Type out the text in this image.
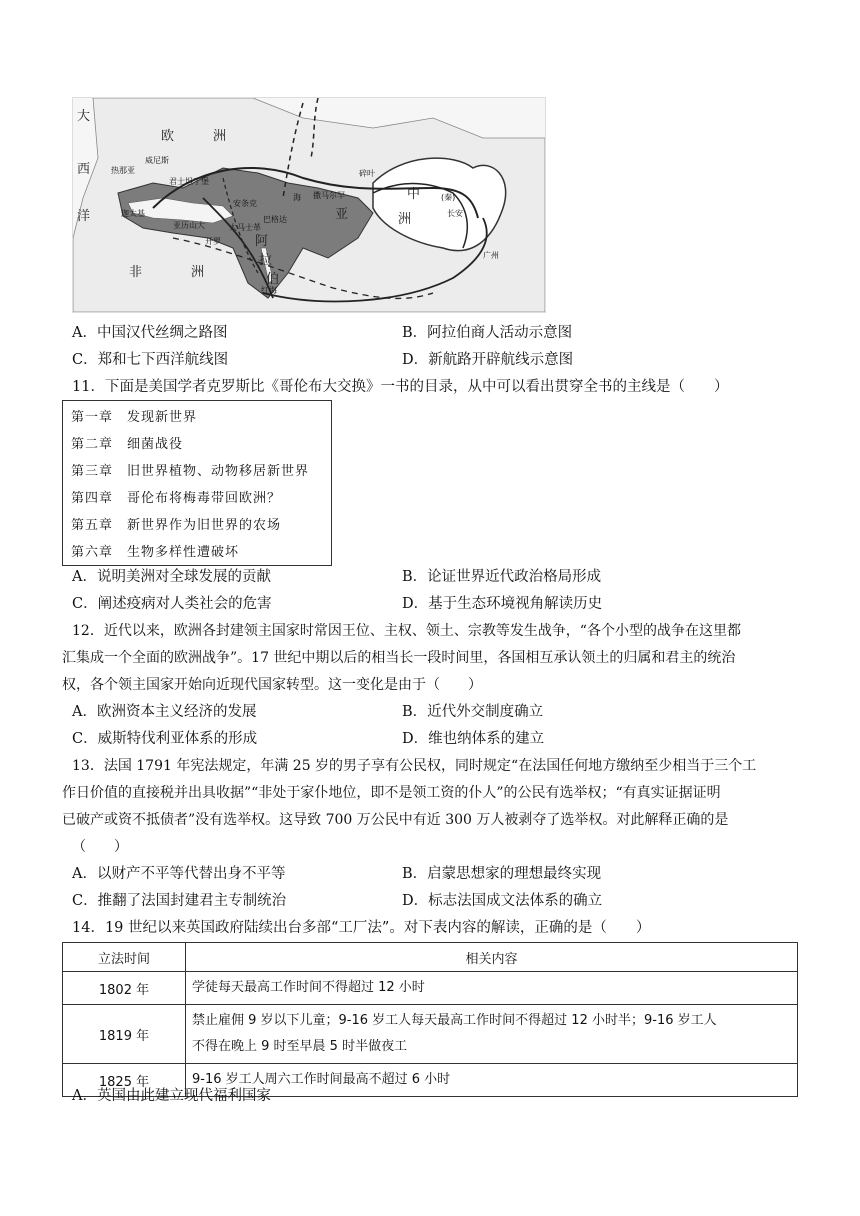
大
西
洋
欧	洲
亚	洲
中	(秦)
非	洲
阿
拉
伯
热那亚
威尼斯
君士坦丁堡
安条克
巴格达
大马士革
亚历山大
开罗
撒马尔罕
碎叶
长安
广州
红海
海
迦太基
A．中国汉代丝绸之路图	B．阿拉伯商人活动示意图
C．郑和七下西洋航线图	D．新航路开辟航线示意图
11．下面是美国学者克罗斯比《哥伦布大交换》一书的目录，从中可以看出贯穿全书的主线是（　　）
第一章　 发现新世界
第二章　 细菌战役
第三章　 旧世界植物、动物移居新世界
第四章　 哥伦布将梅毒带回欧洲？
第五章　 新世界作为旧世界的农场
第六章　 生物多样性遭破坏
A．说明美洲对全球发展的贡献	B．论证世界近代政治格局形成
C．阐述疫病对人类社会的危害	D．基于生态环境视角解读历史
12．近代以来，欧洲各封建领主国家时常因王位、主权、领土、宗教等发生战争，“各个小型的战争在这里都
汇集成一个全面的欧洲战争”。17 世纪中期以后的相当长一段时间里，各国相互承认领土的归属和君主的统治
权，各个领主国家开始向近现代国家转型。这一变化是由于（　　）
A．欧洲资本主义经济的发展	B．近代外交制度确立
C．威斯特伐利亚体系的形成	D．维也纳体系的建立
13．法国 1791 年宪法规定，年满 25 岁的男子享有公民权，同时规定“在法国任何地方缴纳至少相当于三个工
作日价值的直接税并出具收据”“非处于家仆地位，即不是领工资的仆人”的公民有选举权；“有真实证据证明
已破产或资不抵债者”没有选举权。这导致 700 万公民中有近 300 万人被剥夺了选举权。对此解释正确的是
（　　）
A．以财产不平等代替出身不平等	B．启蒙思想家的理想最终实现
C．推翻了法国封建君主专制统治	D．标志法国成文法体系的确立
14．19 世纪以来英国政府陆续出台多部“工厂法”。对下表内容的解读，正确的是（　　）
立法时间	相关内容
1802 年	学徒每天最高工作时间不得超过 12 小时
1819 年	禁止雇佣 9 岁以下儿童；9-16 岁工人每天最高工作时间不得超过 12 小时半；9-16 岁工人
不得在晚上 9 时至早晨 5 时半做夜工

1825 年	9-16 岁工人周六工作时间最高不超过 6 小时
A．英国由此建立现代福利国家
